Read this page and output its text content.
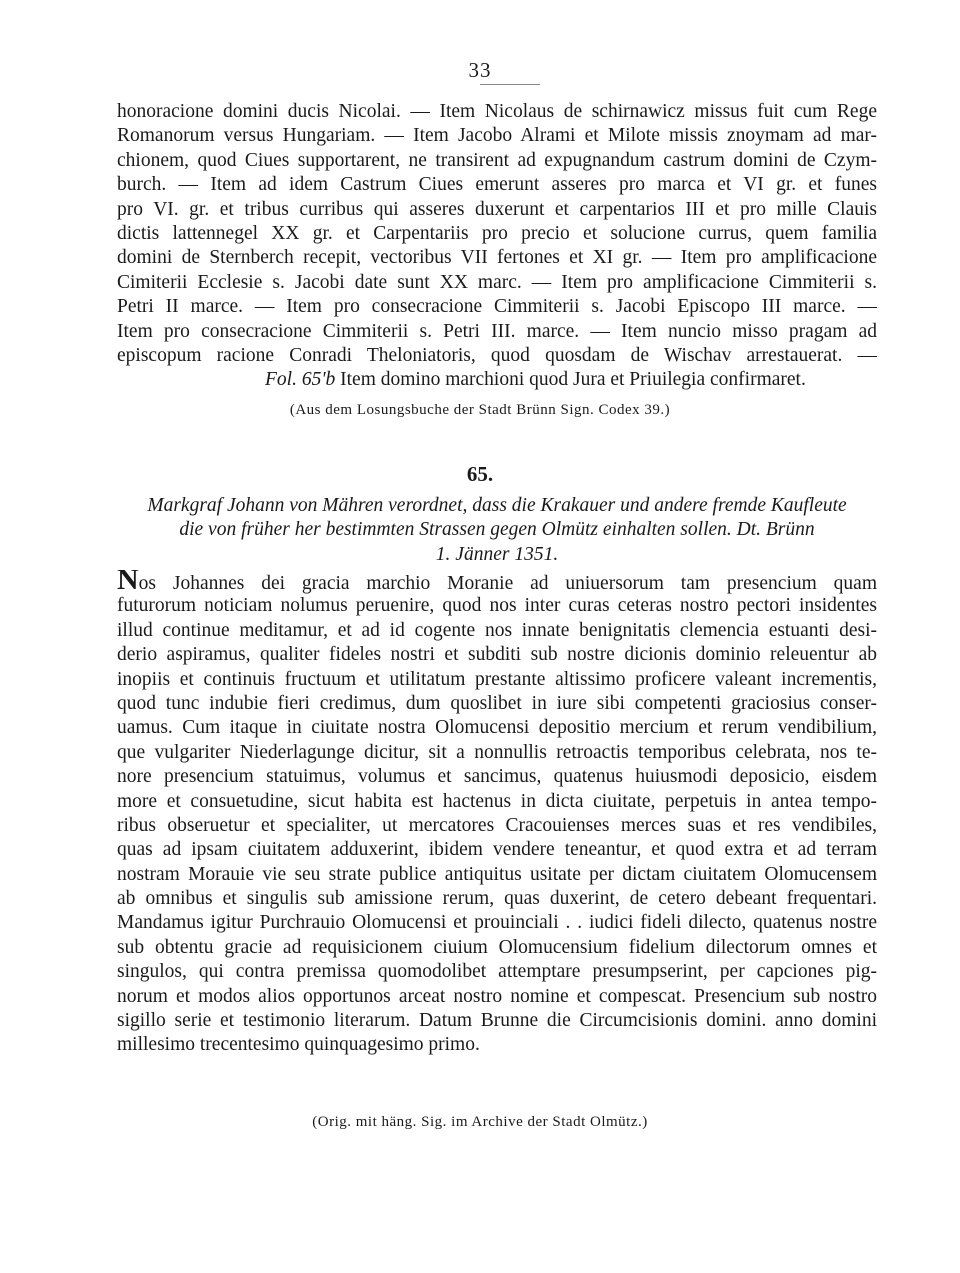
33
honoracione domini ducis Nicolai. — Item Nicolaus de schirnawicz missus fuit cum Rege
Romanorum versus Hungariam. — Item Jacobo Alrami et Milote missis znoymam ad mar-
chionem, quod Ciues supportarent, ne transirent ad expugnandum castrum domini de Czym-
burch. — Item ad idem Castrum Ciues emerunt asseres pro marca et VI gr. et funes
pro VI. gr. et tribus curribus qui asseres duxerunt et carpentarios III et pro mille Clauis
dictis lattennegel XX gr. et Carpentariis pro precio et solucione currus, quem familia
domini de Sternberch recepit, vectoribus VII fertones et XI gr. — Item pro amplificacione
Cimiterii Ecclesie s. Jacobi date sunt XX marc. — Item pro amplificacione Cimmiterii s.
Petri II marce. — Item pro consecracione Cimmiterii s. Jacobi Episcopo III marce. —
Item pro consecracione Cimmiterii s. Petri III. marce. — Item nuncio misso pragam ad
episcopum racione Conradi Theloniatoris, quod quosdam de Wischav arrestauerat. —
Fol. 65'b Item domino marchioni quod Jura et Priuilegia confirmaret.
(Aus dem Losungsbuche der Stadt Brünn Sign. Codex 39.)
65.
Markgraf Johann von Mähren verordnet, dass die Krakauer und andere fremde Kaufleute
die von früher her bestimmten Strassen gegen Olmütz einhalten sollen. Dt. Brünn
1. Jänner 1351.
Nos Johannes dei gracia marchio Moranie ad uniuersorum tam presencium quam
futurorum noticiam nolumus peruenire, quod nos inter curas ceteras nostro pectori insidentes
illud continue meditamur, et ad id cogente nos innate benignitatis clemencia estuanti desi-
derio aspiramus, qualiter fideles nostri et subditi sub nostre dicionis dominio releuentur ab
inopiis et continuis fructuum et utilitatum prestante altissimo proficere valeant incrementis,
quod tunc indubie fieri credimus, dum quoslibet in iure sibi competenti graciosius conser-
uamus. Cum itaque in ciuitate nostra Olomucensi depositio mercium et rerum vendibilium,
que vulgariter Niederlagunge dicitur, sit a nonnullis retroactis temporibus celebrata, nos te-
nore presencium statuimus, volumus et sancimus, quatenus huiusmodi deposicio, eisdem
more et consuetudine, sicut habita est hactenus in dicta ciuitate, perpetuis in antea tempo-
ribus obseruetur et specialiter, ut mercatores Cracouienses merces suas et res vendibiles,
quas ad ipsam ciuitatem adduxerint, ibidem vendere teneantur, et quod extra et ad terram
nostram Morauie vie seu strate publice antiquitus usitate per dictam ciuitatem Olomucensem
ab omnibus et singulis sub amissione rerum, quas duxerint, de cetero debeant frequentari.
Mandamus igitur Purchrauio Olomucensi et prouinciali . . iudici fideli dilecto, quatenus nostre
sub obtentu gracie ad requisicionem ciuium Olomucensium fidelium dilectorum omnes et
singulos, qui contra premissa quomodolibet attemptare presumpserint, per capciones pig-
norum et modos alios opportunos arceat nostro nomine et compescat. Presencium sub nostro
sigillo serie et testimonio literarum. Datum Brunne die Circumcisionis domini. anno domini
millesimo trecentesimo quinquagesimo primo.
(Orig. mit häng. Sig. im Archive der Stadt Olmütz.)
